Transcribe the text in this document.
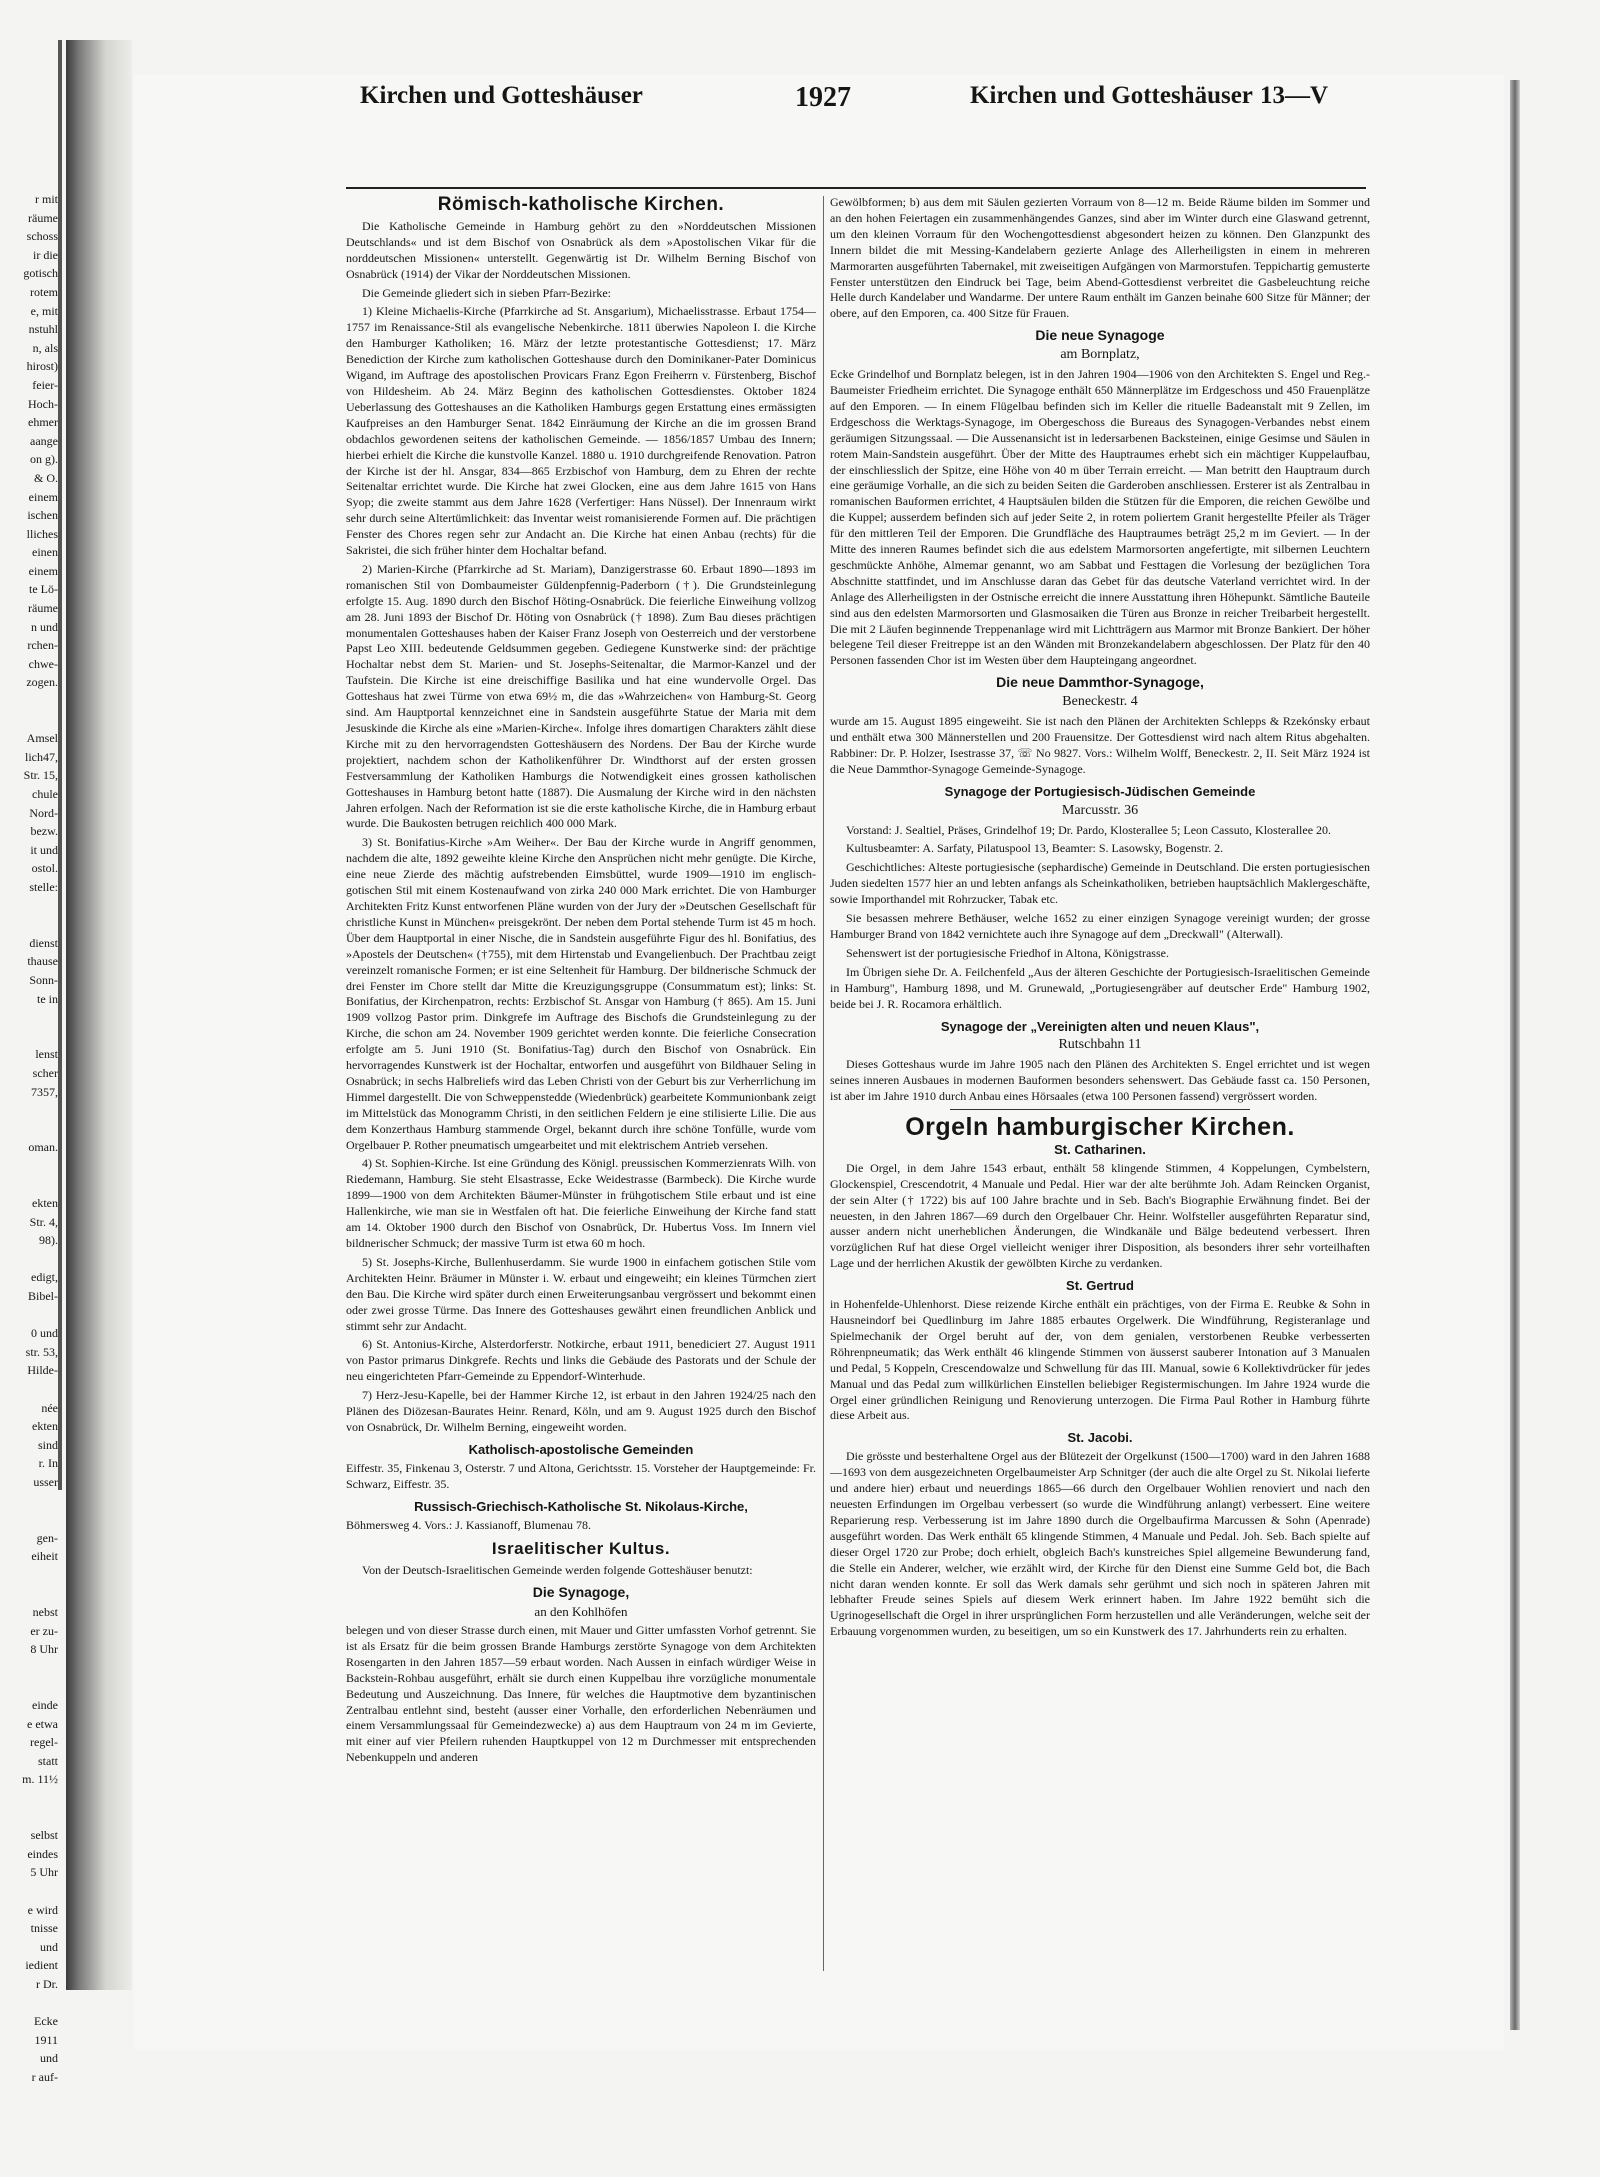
r mit
räume
schoss
ir die
gotisch
rotem
e, mit
nstuhl
n, als
hirost)
feier-
Hoch-
ehmer
aange
on g).
& O.
einem
ischen
lliches
einen
einem
te Lö-
räume
n und
rchen-
chwe-
zogen.
Amsel
lich47,
Str. 15,
chule
Nord-
bezw.
it und
ostol.
stelle:
dienst
thause
Sonn-
te in
lenst
scher
7357,
oman.
ekten
Str. 4,
98).
edigt,
Bibel-
0 und
str. 53,
Hilde-
née
ekten
sind
r. In
usser
gen-
eiheit
nebst
er zu-
8 Uhr
einde
e etwa
regel-
statt
m. 11½
selbst
eindes
5 Uhr
e wird
tnisse
und
iedient
r Dr.
Ecke
1911
und
r auf-
Kirchen und Gotteshäuser	1927	Kirchen und Gotteshäuser 13—V
Römisch-katholische Kirchen.

Die Katholische Gemeinde in Hamburg gehört zu den »Norddeutschen Missionen Deutschlands« und ist dem Bischof von Osnabrück als dem »Apostolischen Vikar für die norddeutschen Missionen« unterstellt. Gegenwärtig ist Dr. Wilhelm Berning Bischof von Osnabrück (1914) der Vikar der Norddeutschen Missionen.

Die Gemeinde gliedert sich in sieben Pfarr-Bezirke:

1) Kleine Michaelis-Kirche (Pfarrkirche ad St. Ansgarium), Michaelisstrasse. Erbaut 1754—1757 im Renaissance-Stil als evangelische Nebenkirche. 1811 überwies Napoleon I. die Kirche den Hamburger Katholiken; 16. März der letzte protestantische Gottesdienst; 17. März Benediction der Kirche zum katholischen Gotteshause durch den Dominikaner-Pater Dominicus Wigand, im Auftrage des apostolischen Provicars Franz Egon Freiherrn v. Fürstenberg, Bischof von Hildesheim. Ab 24. März Beginn des katholischen Gottesdienstes. Oktober 1824 Ueberlassung des Gotteshauses an die Katholiken Hamburgs gegen Erstattung eines ermässigten Kaufpreises an den Hamburger Senat. 1842 Einräumung der Kirche an die im grossen Brand obdachlos gewordenen seitens der katholischen Gemeinde. — 1856/1857 Umbau des Innern; hierbei erhielt die Kirche die kunstvolle Kanzel. 1880 u. 1910 durchgreifende Renovation. Patron der Kirche ist der hl. Ansgar, 834—865 Erzbischof von Hamburg, dem zu Ehren der rechte Seitenaltar errichtet wurde. Die Kirche hat zwei Glocken, eine aus dem Jahre 1615 von Hans Syop; die zweite stammt aus dem Jahre 1628 (Verfertiger: Hans Nüssel). Der Innenraum wirkt sehr durch seine Altertümlichkeit: das Inventar weist romanisierende Formen auf. Die prächtigen Fenster des Chores regen sehr zur Andacht an. Die Kirche hat einen Anbau (rechts) für die Sakristei, die sich früher hinter dem Hochaltar befand.

2) Marien-Kirche (Pfarrkirche ad St. Mariam), Danzigerstrasse 60. Erbaut 1890—1893 im romanischen Stil von Dombaumeister Güldenpfennig-Paderborn (†). Die Grundsteinlegung erfolgte 15. Aug. 1890 durch den Bischof Höting-Osnabrück. Die feierliche Einweihung vollzog am 28. Juni 1893 der Bischof Dr. Höting von Osnabrück († 1898). Zum Bau dieses prächtigen monumentalen Gotteshauses haben der Kaiser Franz Joseph von Oesterreich und der verstorbene Papst Leo XIII. bedeutende Geldsummen gegeben. Gediegene Kunstwerke sind: der prächtige Hochaltar nebst dem St. Marien- und St. Josephs-Seitenaltar, die Marmor-Kanzel und der Taufstein. Die Kirche ist eine dreischiffige Basilika und hat eine wundervolle Orgel. Das Gotteshaus hat zwei Türme von etwa 69½ m, die das »Wahrzeichen« von Hamburg-St. Georg sind. Am Hauptportal kennzeichnet eine in Sandstein ausgeführte Statue der Maria mit dem Jesuskinde die Kirche als eine »Marien-Kirche«. Infolge ihres domartigen Charakters zählt diese Kirche mit zu den hervorragendsten Gotteshäusern des Nordens. Der Bau der Kirche wurde projektiert, nachdem schon der Katholikenführer Dr. Windthorst auf der ersten grossen Festversammlung der Katholiken Hamburgs die Notwendigkeit eines grossen katholischen Gotteshauses in Hamburg betont hatte (1887). Die Ausmalung der Kirche wird in den nächsten Jahren erfolgen. Nach der Reformation ist sie die erste katholische Kirche, die in Hamburg erbaut wurde. Die Baukosten betrugen reichlich 400 000 Mark.

3) St. Bonifatius-Kirche »Am Weiher«. Der Bau der Kirche wurde in Angriff genommen, nachdem die alte, 1892 geweihte kleine Kirche den Ansprüchen nicht mehr genügte. Die Kirche, eine neue Zierde des mächtig aufstrebenden Eimsbüttel, wurde 1909—1910 im englisch-gotischen Stil mit einem Kostenaufwand von zirka 240 000 Mark errichtet. Die von Hamburger Architekten Fritz Kunst entworfenen Pläne wurden von der Jury der »Deutschen Gesellschaft für christliche Kunst in München« preisgekrönt. Der neben dem Portal stehende Turm ist 45 m hoch. Über dem Hauptportal in einer Nische, die in Sandstein ausgeführte Figur des hl. Bonifatius, des »Apostels der Deutschen« (†755), mit dem Hirtenstab und Evangelienbuch. Der Prachtbau zeigt vereinzelt romanische Formen; er ist eine Seltenheit für Hamburg. Der bildnerische Schmuck der drei Fenster im Chore stellt dar Mitte die Kreuzigungsgruppe (Consummatum est); links: St. Bonifatius, der Kirchenpatron, rechts: Erzbischof St. Ansgar von Hamburg († 865). Am 15. Juni 1909 vollzog Pastor prim. Dinkgrefe im Auftrage des Bischofs die Grundsteinlegung zu der Kirche, die schon am 24. November 1909 gerichtet werden konnte. Die feierliche Consecration erfolgte am 5. Juni 1910 (St. Bonifatius-Tag) durch den Bischof von Osnabrück. Ein hervorragendes Kunstwerk ist der Hochaltar, entworfen und ausgeführt von Bildhauer Seling in Osnabrück; in sechs Halbreliefs wird das Leben Christi von der Geburt bis zur Verherrlichung im Himmel dargestellt. Die von Schweppenstedde (Wiedenbrück) gearbeitete Kommunionbank zeigt im Mittelstück das Monogramm Christi, in den seitlichen Feldern je eine stilisierte Lilie. Die aus dem Konzerthaus Hamburg stammende Orgel, bekannt durch ihre schöne Tonfülle, wurde vom Orgelbauer P. Rother pneumatisch umgearbeitet und mit elektrischem Antrieb versehen.

4) St. Sophien-Kirche. Ist eine Gründung des Königl. preussischen Kommerzienrats Wilh. von Riedemann, Hamburg. Sie steht Elsastrasse, Ecke Weidestrasse (Barmbeck). Die Kirche wurde 1899—1900 von dem Architekten Bäumer-Münster in frühgotischem Stile erbaut und ist eine Hallenkirche, wie man sie in Westfalen oft hat. Die feierliche Einweihung der Kirche fand statt am 14. Oktober 1900 durch den Bischof von Osnabrück, Dr. Hubertus Voss. Im Innern viel bildnerischer Schmuck; der massive Turm ist etwa 60 m hoch.

5) St. Josephs-Kirche, Bullenhuserdamm. Sie wurde 1900 in einfachem gotischen Stile vom Architekten Heinr. Bräumer in Münster i. W. erbaut und eingeweiht; ein kleines Türmchen ziert den Bau. Die Kirche wird später durch einen Erweiterungsanbau vergrössert und bekommt einen oder zwei grosse Türme. Das Innere des Gotteshauses gewährt einen freundlichen Anblick und stimmt sehr zur Andacht.

6) St. Antonius-Kirche, Alsterdorferstr. Notkirche, erbaut 1911, benediciert 27. August 1911 von Pastor primarus Dinkgrefe. Rechts und links die Gebäude des Pastorats und der Schule der neu eingerichteten Pfarr-Gemeinde zu Eppendorf-Winterhude.

7) Herz-Jesu-Kapelle, bei der Hammer Kirche 12, ist erbaut in den Jahren 1924/25 nach den Plänen des Diözesan-Baurates Heinr. Renard, Köln, und am 9. August 1925 durch den Bischof von Osnabrück, Dr. Wilhelm Berning, eingeweiht worden.

Katholisch-apostolische Gemeinden

Eiffestr. 35, Finkenau 3, Osterstr. 7 und Altona, Gerichtsstr. 15. Vorsteher der Hauptgemeinde: Fr. Schwarz, Eiffestr. 35.

Russisch-Griechisch-Katholische St. Nikolaus-Kirche,

Böhmersweg 4. Vors.: J. Kassianoff, Blumenau 78.

Israelitischer Kultus.

Von der Deutsch-Israelitischen Gemeinde werden folgende Gotteshäuser benutzt:

Die Synagoge,
an den Kohlhöfen

belegen und von dieser Strasse durch einen, mit Mauer und Gitter umfassten Vorhof getrennt. Sie ist als Ersatz für die beim grossen Brande Hamburgs zerstörte Synagoge von dem Architekten Rosengarten in den Jahren 1857—59 erbaut worden. Nach Aussen in einfach würdiger Weise in Backstein-Rohbau ausgeführt, erhält sie durch einen Kuppelbau ihre vorzügliche monumentale Bedeutung und Auszeichnung. Das Innere, für welches die Hauptmotive dem byzantinischen Zentralbau entlehnt sind, besteht (ausser einer Vorhalle, den erforderlichen Nebenräumen und einem Versammlungssaal für Gemeindezwecke) a) aus dem Hauptraum von 24 m im Gevierte, mit einer auf vier Pfeilern ruhenden Hauptkuppel von 12 m Durchmesser mit entsprechenden Nebenkuppeln und anderen

Gewölbformen; b) aus dem mit Säulen gezierten Vorraum von 8—12 m. Beide Räume bilden im Sommer und an den hohen Feiertagen ein zusammenhängendes Ganzes, sind aber im Winter durch eine Glaswand getrennt, um den kleinen Vorraum für den Wochengottesdienst abgesondert heizen zu können. Den Glanzpunkt des Innern bildet die mit Messing-Kandelabern gezierte Anlage des Allerheiligsten in einem in mehreren Marmorarten ausgeführten Tabernakel, mit zweiseitigen Aufgängen von Marmorstufen. Teppichartig gemusterte Fenster unterstützen den Eindruck bei Tage, beim Abend-Gottesdienst verbreitet die Gasbeleuchtung reiche Helle durch Kandelaber und Wandarme. Der untere Raum enthält im Ganzen beinahe 600 Sitze für Männer; der obere, auf den Emporen, ca. 400 Sitze für Frauen.

Die neue Synagoge
am Bornplatz,

Ecke Grindelhof und Bornplatz belegen, ist in den Jahren 1904—1906 von den Architekten S. Engel und Reg.-Baumeister Friedheim errichtet. Die Synagoge enthält 650 Männerplätze im Erdgeschoss und 450 Frauenplätze auf den Emporen. — In einem Flügelbau befinden sich im Keller die rituelle Badeanstalt mit 9 Zellen, im Erdgeschoss die Werktags-Synagoge, im Obergeschoss die Bureaus des Synagogen-Verbandes nebst einem geräumigen Sitzungssaal. — Die Aussenansicht ist in ledersarbenen Backsteinen, einige Gesimse und Säulen in rotem Main-Sandstein ausgeführt. Über der Mitte des Hauptraumes erhebt sich ein mächtiger Kuppelaufbau, der einschliesslich der Spitze, eine Höhe von 40 m über Terrain erreicht. — Man betritt den Hauptraum durch eine geräumige Vorhalle, an die sich zu beiden Seiten die Garderoben anschliessen. Ersterer ist als Zentralbau in romanischen Bauformen errichtet, 4 Hauptsäulen bilden die Stützen für die Emporen, die reichen Gewölbe und die Kuppel; ausserdem befinden sich auf jeder Seite 2, in rotem poliertem Granit hergestellte Pfeiler als Träger für den mittleren Teil der Emporen. Die Grundfläche des Hauptraumes beträgt 25,2 m im Geviert. — In der Mitte des inneren Raumes befindet sich die aus edelstem Marmorsorten angefertigte, mit silbernen Leuchtern geschmückte Anhöhe, Almemar genannt, wo am Sabbat und Festtagen die Vorlesung der bezüglichen Tora Abschnitte stattfindet, und im Anschlusse daran das Gebet für das deutsche Vaterland verrichtet wird. In der Anlage des Allerheiligsten in der Ostnische erreicht die innere Ausstattung ihren Höhepunkt. Sämtliche Bauteile sind aus den edelsten Marmorsorten und Glasmosaiken die Türen aus Bronze in reicher Treibarbeit hergestellt. Die mit 2 Läufen beginnende Treppenanlage wird mit Lichtträgern aus Marmor mit Bronze Bankiert. Der höher belegene Teil dieser Freitreppe ist an den Wänden mit Bronzekandelabern abgeschlossen. Der Platz für den 40 Personen fassenden Chor ist im Westen über dem Haupteingang angeordnet.

Die neue Dammthor-Synagoge,
Beneckestr. 4

wurde am 15. August 1895 eingeweiht. Sie ist nach den Plänen der Architekten Schlepps & Rzekónsky erbaut und enthält etwa 300 Männerstellen und 200 Frauensitze. Der Gottesdienst wird nach altem Ritus abgehalten. Rabbiner: Dr. P. Holzer, Isestrasse 37, ☏ No 9827. Vors.: Wilhelm Wolff, Beneckestr. 2, II. Seit März 1924 ist die Neue Dammthor-Synagoge Gemeinde-Synagoge.

Synagoge der Portugiesisch-Jüdischen Gemeinde
Marcusstr. 36

Vorstand: J. Sealtiel, Präses, Grindelhof 19; Dr. Pardo, Klosterallee 5; Leon Cassuto, Klosterallee 20.

Kultusbeamter: A. Sarfaty, Pilatuspool 13, Beamter: S. Lasowsky, Bogenstr. 2.

Geschichtliches: Alteste portugiesische (sephardische) Gemeinde in Deutschland. Die ersten portugiesischen Juden siedelten 1577 hier an und lebten anfangs als Scheinkatholiken, betrieben hauptsächlich Maklergeschäfte, sowie Importhandel mit Rohrzucker, Tabak etc.

Sie besassen mehrere Bethäuser, welche 1652 zu einer einzigen Synagoge vereinigt wurden; der grosse Hamburger Brand von 1842 vernichtete auch ihre Synagoge auf dem „Dreckwall" (Alterwall).

Sehenswert ist der portugiesische Friedhof in Altona, Königstrasse.

Im Übrigen siehe Dr. A. Feilchenfeld „Aus der älteren Geschichte der Portugiesisch-Israelitischen Gemeinde in Hamburg", Hamburg 1898, und M. Grunewald, „Portugiesengräber auf deutscher Erde" Hamburg 1902, beide bei J. R. Rocamora erhältlich.

Synagoge der „Vereinigten alten und neuen Klaus",
Rutschbahn 11

Dieses Gotteshaus wurde im Jahre 1905 nach den Plänen des Architekten S. Engel errichtet und ist wegen seines inneren Ausbaues in modernen Bauformen besonders sehenswert. Das Gebäude fasst ca. 150 Personen, ist aber im Jahre 1910 durch Anbau eines Hörsaales (etwa 100 Personen fassend) vergrössert worden.

Orgeln hamburgischer Kirchen.
St. Catharinen.

Die Orgel, in dem Jahre 1543 erbaut, enthält 58 klingende Stimmen, 4 Koppelungen, Cymbelstern, Glockenspiel, Crescendotrit, 4 Manuale und Pedal. Hier war der alte berühmte Joh. Adam Reincken Organist, der sein Alter († 1722) bis auf 100 Jahre brachte und in Seb. Bach's Biographie Erwähnung findet. Bei der neuesten, in den Jahren 1867—69 durch den Orgelbauer Chr. Heinr. Wolfsteller ausgeführten Reparatur sind, ausser andern nicht unerheblichen Änderungen, die Windkanäle und Bälge bedeutend verbessert. Ihren vorzüglichen Ruf hat diese Orgel vielleicht weniger ihrer Disposition, als besonders ihrer sehr vorteilhaften Lage und der herrlichen Akustik der gewölbten Kirche zu verdanken.

St. Gertrud

in Hohenfelde-Uhlenhorst. Diese reizende Kirche enthält ein prächtiges, von der Firma E. Reubke & Sohn in Hausneindorf bei Quedlinburg im Jahre 1885 erbautes Orgelwerk. Die Windführung, Registeranlage und Spielmechanik der Orgel beruht auf der, von dem genialen, verstorbenen Reubke verbesserten Röhrenpneumatik; das Werk enthält 46 klingende Stimmen von äusserst sauberer Intonation auf 3 Manualen und Pedal, 5 Koppeln, Crescendowalze und Schwellung für das III. Manual, sowie 6 Kollektivdrücker für jedes Manual und das Pedal zum willkürlichen Einstellen beliebiger Registermischungen. Im Jahre 1924 wurde die Orgel einer gründlichen Reinigung und Renovierung unterzogen. Die Firma Paul Rother in Hamburg führte diese Arbeit aus.

St. Jacobi.

Die grösste und besterhaltene Orgel aus der Blütezeit der Orgelkunst (1500—1700) ward in den Jahren 1688—1693 von dem ausgezeichneten Orgelbaumeister Arp Schnitger (der auch die alte Orgel zu St. Nikolai lieferte und andere hier) erbaut und neuerdings 1865—66 durch den Orgelbauer Wohlien renoviert und nach den neuesten Erfindungen im Orgelbau verbessert (so wurde die Windführung anlangt) verbessert. Eine weitere Reparierung resp. Verbesserung ist im Jahre 1890 durch die Orgelbaufirma Marcussen & Sohn (Apenrade) ausgeführt worden. Das Werk enthält 65 klingende Stimmen, 4 Manuale und Pedal. Joh. Seb. Bach spielte auf dieser Orgel 1720 zur Probe; doch erhielt, obgleich Bach's kunstreiches Spiel allgemeine Bewunderung fand, die Stelle ein Anderer, welcher, wie erzählt wird, der Kirche für den Dienst eine Summe Geld bot, die Bach nicht daran wenden konnte. Er soll das Werk damals sehr gerühmt und sich noch in späteren Jahren mit lebhafter Freude seines Spiels auf diesem Werk erinnert haben. Im Jahre 1922 bemüht sich die Ugrinogesellschaft die Orgel in ihrer ursprünglichen Form herzustellen und alle Veränderungen, welche seit der Erbauung vorgenommen wurden, zu beseitigen, um so ein Kunstwerk des 17. Jahrhunderts rein zu erhalten.
